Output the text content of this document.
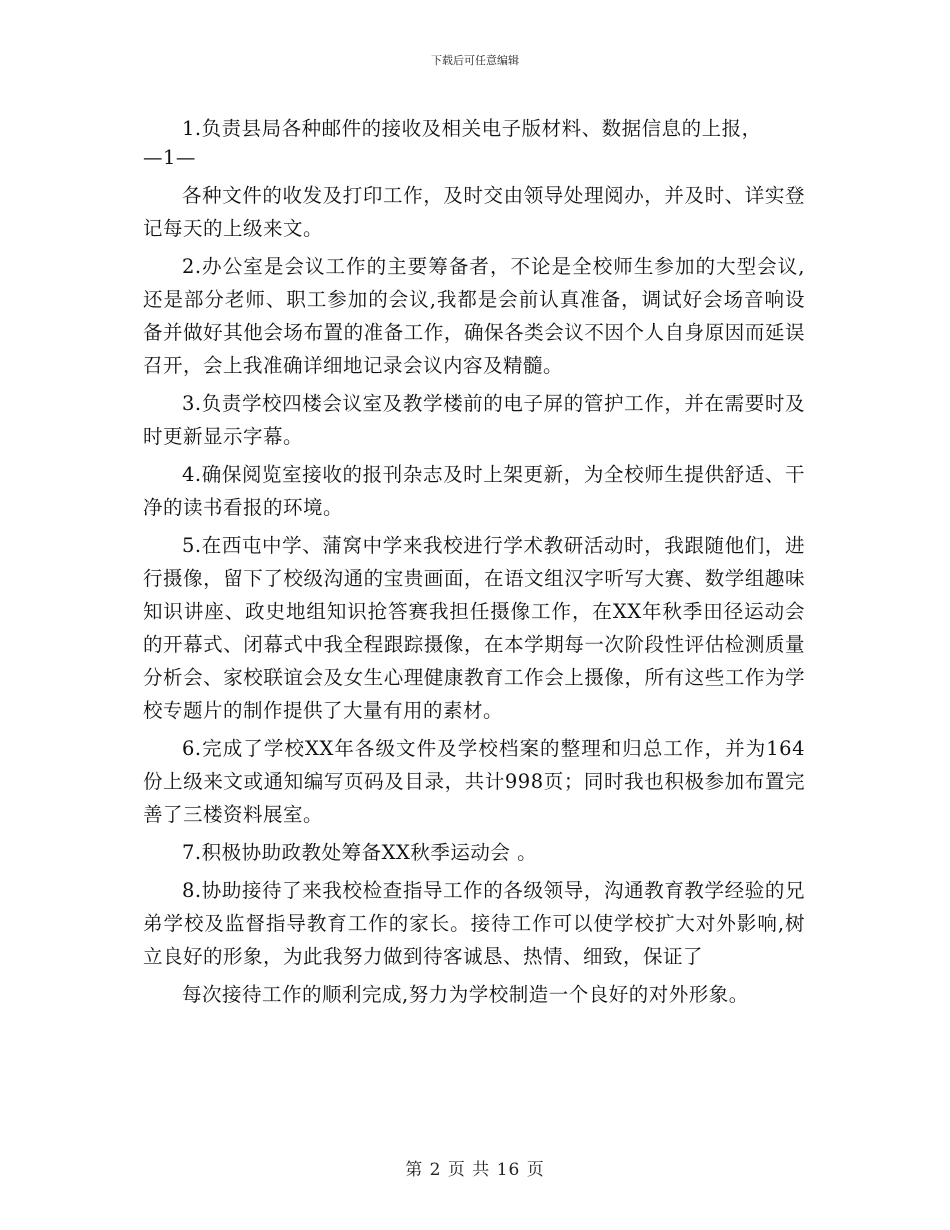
下载后可任意编辑

1.负责县局各种邮件的接收及相关电子版材料、数据信息的上报，

—1—

各种文件的收发及打印工作，及时交由领导处理阅办，并及时、详实登记每天的上级来文。

2.办公室是会议工作的主要筹备者，不论是全校师生参加的大型会议,还是部分老师、职工参加的会议,我都是会前认真准备，调试好会场音响设备并做好其他会场布置的准备工作，确保各类会议不因个人自身原因而延误召开，会上我准确详细地记录会议内容及精髓。

3.负责学校四楼会议室及教学楼前的电子屏的管护工作，并在需要时及时更新显示字幕。

4.确保阅览室接收的报刊杂志及时上架更新，为全校师生提供舒适、干净的读书看报的环境。

5.在西屯中学、蒲窝中学来我校进行学术教研活动时，我跟随他们，进行摄像，留下了校级沟通的宝贵画面，在语文组汉字听写大赛、数学组趣味知识讲座、政史地组知识抢答赛我担任摄像工作，在XX年秋季田径运动会的开幕式、闭幕式中我全程跟踪摄像，在本学期每一次阶段性评估检测质量分析会、家校联谊会及女生心理健康教育工作会上摄像，所有这些工作为学校专题片的制作提供了大量有用的素材。

6.完成了学校XX年各级文件及学校档案的整理和归总工作，并为164份上级来文或通知编写页码及目录，共计998页；同时我也积极参加布置完善了三楼资料展室。

7.积极协助政教处筹备XX秋季运动会 。

8.协助接待了来我校检查指导工作的各级领导，沟通教育教学经验的兄弟学校及监督指导教育工作的家长。接待工作可以使学校扩大对外影响,树立良好的形象，为此我努力做到待客诚恳、热情、细致，保证了

每次接待工作的顺利完成,努力为学校制造一个良好的对外形象。

第 2 页 共 16 页
